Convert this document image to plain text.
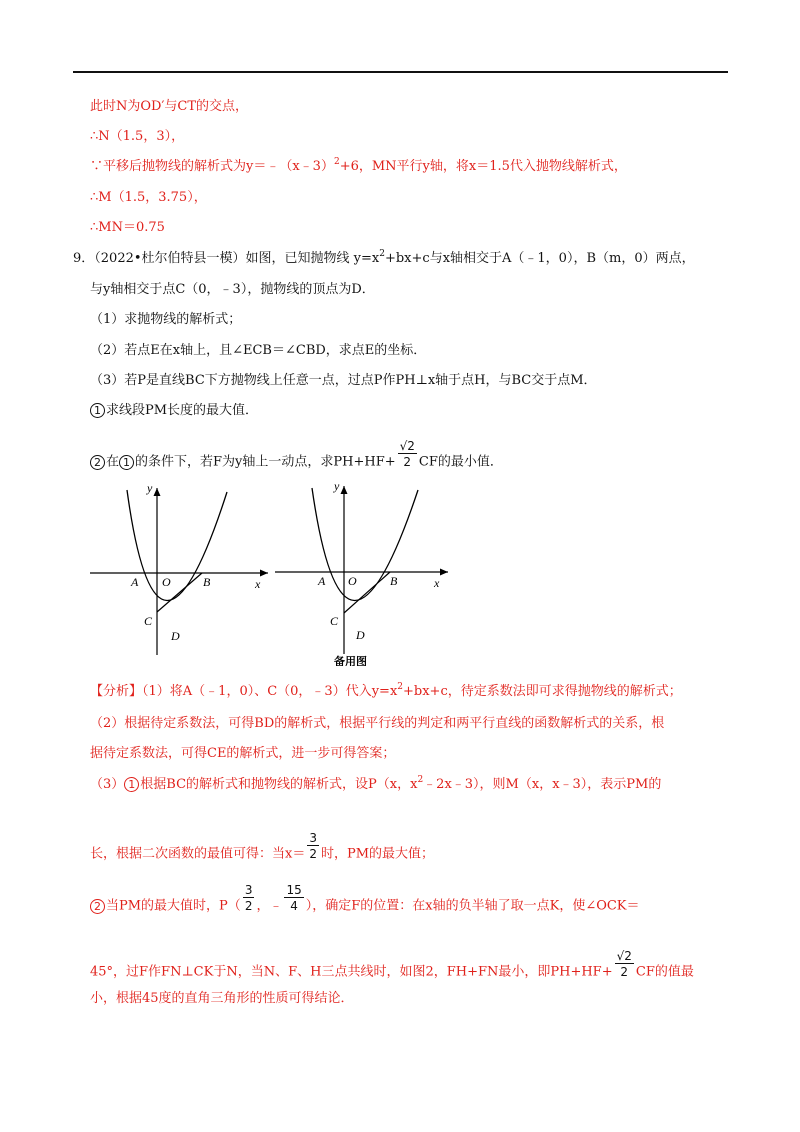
此时N为OD′与CT的交点，
∴N（1.5，3），
∵平移后抛物线的解析式为y＝﹣（x﹣3）$^2$+6，MN平行y轴，将x＝1.5代入抛物线解析式，
∴M（1.5，3.75），
∴MN＝0.75
9．（2022•杜尔伯特县一模）如图，已知抛物线 $y=x^2+bx+c$与x轴相交于A（﹣1，0），B（m，0）两点，
与y轴相交于点C（0，﹣3），抛物线的顶点为D．
（1）求抛物线的解析式；
（2）若点E在x轴上，且∠ECB＝∠CBD，求点E的坐标．
（3）若P是直线BC下方抛物线上任意一点，过点P作PH⊥x轴于点H，与BC交于点M．
1 求线段PM长度的最大值．
2 在 1 的条件下，若F为y轴上一动点，求$PH+HF+ \frac{√2}{2}$ CF的最小值．
y
x
A O	B
C
D
y
x
A O	B
C
D
备用图
【分析】（1）将A（﹣1，0）、C（0，﹣3）代入$y=x^2+bx+c$，待定系数法即可求得抛物线的解析式；
（2）根据待定系数法，可得BD的解析式，根据平行线的判定和两平行直线的函数解析式的关系，根
据待定系数法，可得CE的解析式，进一步可得答案；
（3） 1 根据BC的解析式和抛物线的解析式，设P（x，$x^2﹣2x﹣3$），则M（x，x﹣3），表示PM的
长，根据二次函数的最值可得：当$x= \frac{3}{2}$ 时，PM的最大值；
2 当PM的最大值时，$P( \frac{3}{2}$ ，﹣ $\frac{15}{4}$ ），确定F的位置：在x轴的负半轴了取一点K，使∠OCK＝
45°，过F作FN⊥CK于N，当N、F、H三点共线时，如图2，FH+FN最小，即$PH+HF+ \frac{√2}{2}$ CF的值最
小，根据45度的直角三角形的性质可得结论．
